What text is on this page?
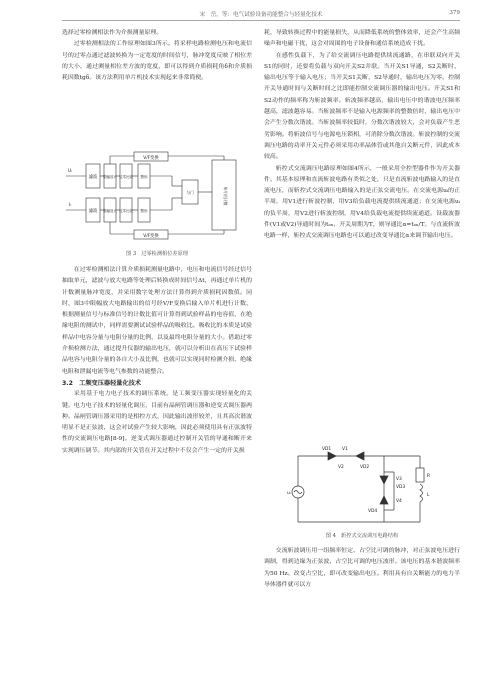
宋　岳，等：电气试验设备功能整合与轻量化技术	379

选择过零检测相法作为介损测量原理。

过零检测相法的工作原理如图3所示。将采样电路检测电压和电流信号的过零点通过滤波转换为一定宽度的时间信号，脉冲宽度反映了相位差的大小，通过测量相位差方波的宽度，即可以得到介质损耗角δ和介质损耗因数tgδ。该方法利用单片机技术实现起来非常简便。

Uᵣ
Iᵣ
V/F变换
V/F变换
滤波
滤波
限幅放大
限幅放大
过零比较
过零比较
整形
整形
与门	单片机计数
图 3　过零检测相位差原理

在过零检测相法计算介质损耗测量电路中，电压和电流信号经过信号抽取单元，滤波与放大电路等处理后转换成时间信号Δt，再通过单片机的计数测量脉冲宽度，并采用数字处理方法计算得到介质损耗因数值。同时，图3中限幅放大电路输出的信号经V/F变换后输入单片机进行计数，根据测量信号与标准信号的计数比值可计算得到试验样品的电容值，在绝缘电阻的测试中，同样需要测试试验样品的吸收比。吸收比的本质是试验样品中电容分量与电阻分量的比例，以及最终电阻分量的大小。借助过零介损检测方法，通过提升仪器的输出电压，就可以分析出在高压下试验样品电容与电阻分量的各自大小及比例，也就可以实现同时检测介损、绝缘电阻和泄漏电流等电气参数的功能整合。

3.2　工频变压器轻量化技术

采用基于电力电子技术的调压系统，是工频变压器实现轻量化的关键。电力电子技术的轻量化调压，目前有晶闸管调压器和逆变式调压器两种。晶闸管调压器采用的是相控方式，因此输出波形较差，且其高次谐波明显不是正弦波，这会对试验产生较大影响，因此必须使用具有正弦波特性的交流调压电路[8-9]。逆变式调压器通过控制开关管的导通和断开来实现调压调节。其内部的开关管在开关过程中不仅会产生一定的开关损

耗，导致转换过程中的能量损失，从而降低系统的整体效率，还会产生高频噪声和电磁干扰，这会对周围的电子设备和通信系统造成干扰。

在感性负载下，为了给交流调压电路提供续流通路，在串联双向开关S1的同时，还要将负载与双向开关S2并联。当开关S1导通，S2关断时，输出电压等于输入电压；当开关S1关断，S2导通时，输出电压为零。控制开关导通时间与关断时间之比即能控制交流调压器的输出电压。开关S1和S2动作的频率称为斩波频率。斩波频率越高，输出电压中的谐波电压频率越高，滤波越容易。当斩波频率不是输入电源频率的整数倍时，输出电压中会产生分数次谐波。当斩波频率较低时，分数次谐波较大，会对负载产生恶劣影响。将斩波信号与电源电压锁相，可消除分数次谐波。斩波控制的交流调压电路的功率开关元件必须采用功率晶体管或其他自关断元件，因此成本较高。

斩控式交流调压电路原理如图4所示，一般采用全控型器件作为开关器件。其基本原理和直流斩波电路有类似之处，只是直流斩波电路输入的是直流电压，而斩控式交流调压电路输入的是正弦交流电压。在交流电源uᵢ的正半周，用V1进行斩波控制，用V3给负载电流提供续流通道；在交流电源uᵢ的负半周，用V2进行斩波控制，用V4给负载电流提供续流通道。设载波器件(V1或V2)导通时间为tₒₙ，开关周期为T，则导通比α=tₒₙ/T。与直流斩波电路一样，斩控式交流调压电路也可以通过改变导通比α来调节输出电压。

VD1 V1
V2	VD2
V3
VD3
V4
VD4
uᵢ
R
L
图 4　斩控式交流调压电路结构

交流斩波调压用一组频率恒定、占空比可调的脉冲，对正弦波电压进行调制，得到边缘为正弦波、占空比可调的电压波形。该电压的基本谐波频率为50 Hz。改变占空比，即可改变输出电压。利用具有自关断能力的电力半导体器件就可以方
